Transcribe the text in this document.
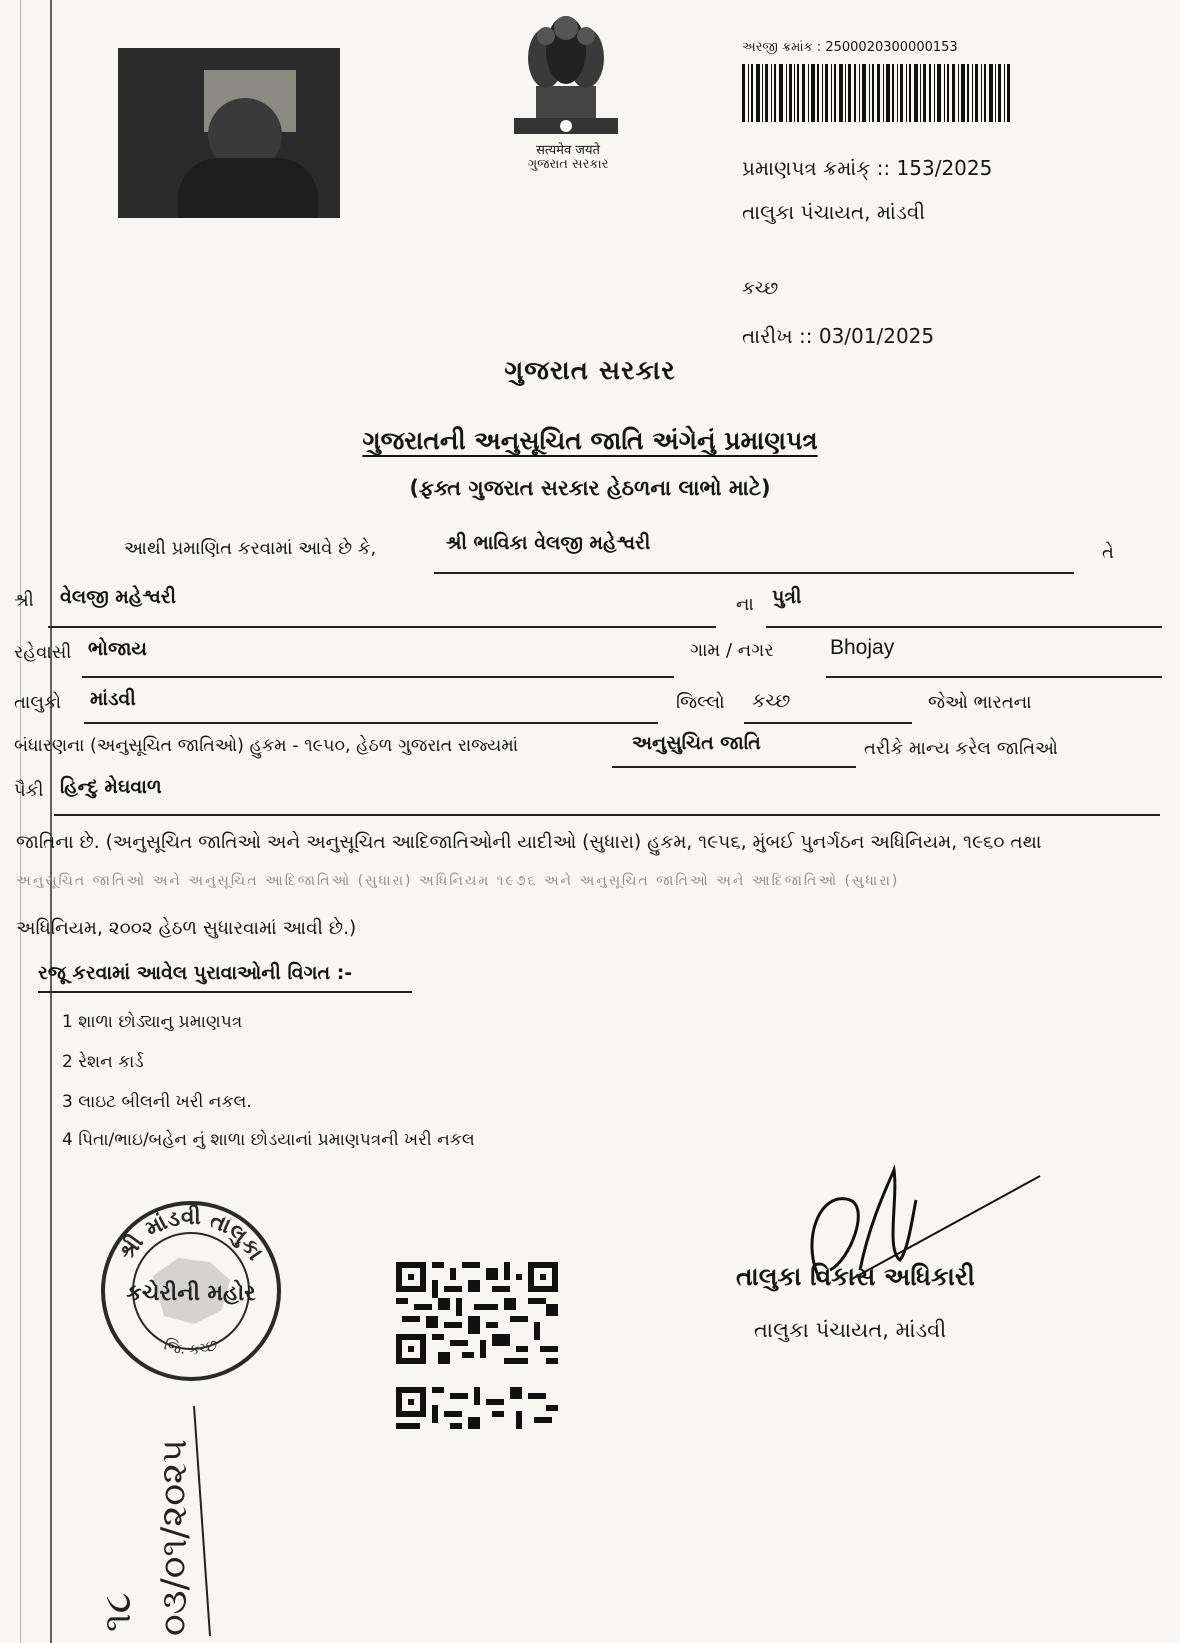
सत्यमेव जयते
ગુજરાત સરકાર
અરજી ક્રમાંક : 2500020300000153
પ્રમાણપત્ર ક્રમાંક્ :: 153/2025
તાલુકા પંચાયત, માંડવી
કચ્છ
તારીખ :: 03/01/2025
ગુજરાત સરકાર
ગુજરાતની અનુસૂચિત જાતિ અંગેનું પ્રમાણપત્ર
(ફક્ત ગુજરાત સરકાર હેઠળના લાભો માટે)
આથી પ્રમાણિત કરવામાં આવે છે કે,	શ્રી ભાવિકા વેલજી મહેશ્વરી	તે
શ્રી વેલજી મહેશ્વરી	ના પુત્રી
રહેવાસી ભોજાય	ગામ / નગર	Bhojay
તાલુકો માંડવી	જિલ્લો કચ્છ	જેઓ ભારતના
બંધારણના (અનુસૂચિત જાતિઓ) હુકમ - ૧૯૫૦, હેઠળ ગુજરાત રાજ્યમાં	અનુસુચિત જાતિ	તરીકે માન્ય કરેલ જાતિઓ
પૈકી હિન્દુ મેઘવાળ
જાતિના છે. (અનુસૂચિત જાતિઓ અને અનુસૂચિત આદિજાતિઓની યાદીઓ (સુધારા) હુકમ, ૧૯૫૬, મુંબઈ પુનર્ગઠન અધિનિયમ, ૧૯૬૦ તથા
અનુસૂચિત જાતિઓ અને અનુસૂચિત આદિજાતિઓ (સુધારા) અધિનિયમ ૧૯૭૬ અને અનુસૂચિત જાતિઓ અને આદિજાતિઓ (સુધારા)
અધિનિયમ, ૨૦૦૨ હેઠળ સુધારવામાં આવી છે.)
રજૂ કરવામાં આવેલ પુરાવાઓની વિગત :-
1 શાળા છોડ્યાનુ પ્રમાણપત્ર
2 રેશન કાર્ડ
3 લાઇટ બીલની ખરી નકલ.
4 પિતા/ભાઇ/બહેન નું શાળા છોડયાનાં પ્રમાણપત્રની ખરી નકલ
શ્રી માંડવી તાલુકા
કચેરીની મહોર
જિ. કચ્છ
તાલુકા વિકાસ અધિકારી
તાલુકા પંચાયત, માંડવી
૧૮ ૦૩/૦૧/૨૦૨૫
